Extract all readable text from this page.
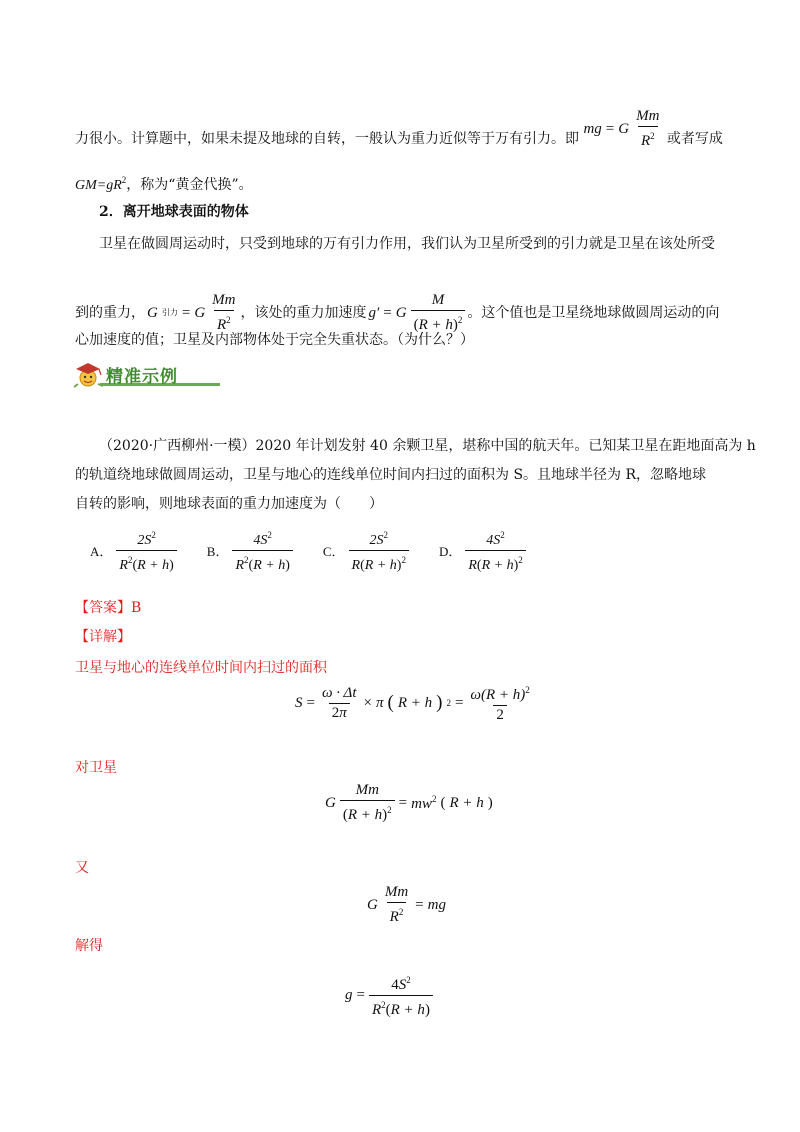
力很小。计算题中，如果未提及地球的自转，一般认为重力近似等于万有引力。即
mg = G $\frac{Mm}{R^2}$ 或者写成
$GM=gR^2$，称为“黄金代换”。
2．离开地球表面的物体
卫星在做圆周运动时，只受到地球的万有引力作用，我们认为卫星所受到的引力就是卫星在该处所受
到的重力， G 引力 = G $\frac{Mm}{R^2}$ ，该处的重力加速度 g′ = G $\frac{M}{(R + h)^2}$ 。这个值也是卫星绕地球做圆周运动的向
心加速度的值；卫星及内部物体处于完全失重状态。（为什么？）
精准示例
（2020·广西柳州·一模）2020 年计划发射 40 余颗卫星，堪称中国的航天年。已知某卫星在距地面高为 h
的轨道绕地球做圆周运动，卫星与地心的连线单位时间内扫过的面积为 S。且地球半径为 R，忽略地球
自转的影响，则地球表面的重力加速度为（　　）
A． $\frac{2S^2}{R^2(R + h)}$ B． $\frac{4S^2}{R^2(R + h)}$ C． $\frac{2S^2}{R(R + h)^2}$ D． $\frac{4S^2}{R(R + h)^2}$
【答案】B
【详解】
卫星与地心的连线单位时间内扫过的面积
$S = \frac{\omega \cdot \Delta t}{2\pi} \times \pi$ ( R + h ) $2 = \frac{\omega(R + h)^2}{2}$
对卫星
G $\frac{Mm}{(R + h)^2} = mw^2$ ( R + h )
又
G $\frac{Mm}{R^2}$ = mg
解得
$g = \frac{4S^2}{R^2(R + h)}$
